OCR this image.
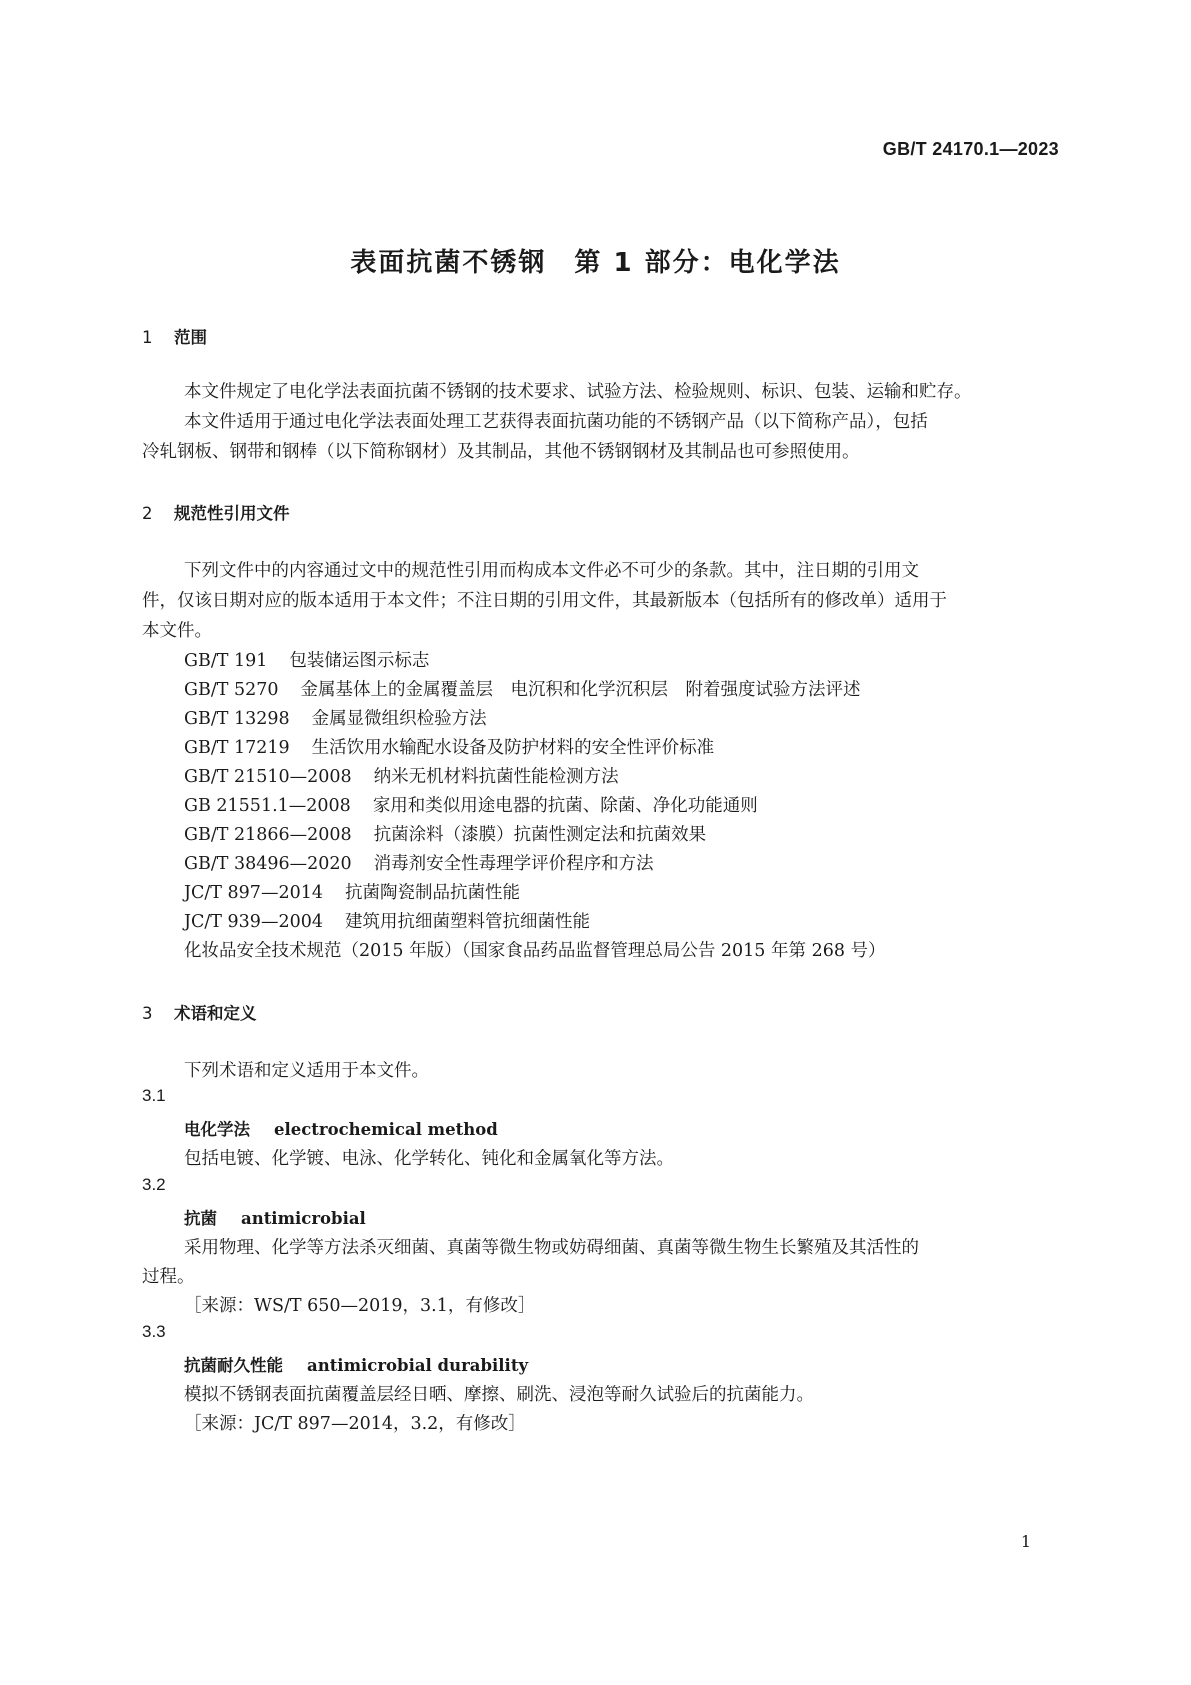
GB/T 24170.1—2023
表面抗菌不锈钢　第 1 部分：电化学法
1 范围
本文件规定了电化学法表面抗菌不锈钢的技术要求、试验方法、检验规则、标识、包装、运输和贮存。
本文件适用于通过电化学法表面处理工艺获得表面抗菌功能的不锈钢产品（以下简称产品），包括
冷轧钢板、钢带和钢棒（以下简称钢材）及其制品，其他不锈钢钢材及其制品也可参照使用。
2 规范性引用文件
下列文件中的内容通过文中的规范性引用而构成本文件必不可少的条款。其中，注日期的引用文
件，仅该日期对应的版本适用于本文件；不注日期的引用文件，其最新版本（包括所有的修改单）适用于
本文件。
GB/T 191 包装储运图示标志
GB/T 5270 金属基体上的金属覆盖层　电沉积和化学沉积层　附着强度试验方法评述
GB/T 13298 金属显微组织检验方法
GB/T 17219 生活饮用水输配水设备及防护材料的安全性评价标准
GB/T 21510—2008 纳米无机材料抗菌性能检测方法
GB 21551.1—2008 家用和类似用途电器的抗菌、除菌、净化功能通则
GB/T 21866—2008 抗菌涂料（漆膜）抗菌性测定法和抗菌效果
GB/T 38496—2020 消毒剂安全性毒理学评价程序和方法
JC/T 897—2014 抗菌陶瓷制品抗菌性能
JC/T 939—2004 建筑用抗细菌塑料管抗细菌性能
化妆品安全技术规范（2015 年版）（国家食品药品监督管理总局公告 2015 年第 268 号）
3 术语和定义
下列术语和定义适用于本文件。
3.1
电化学法 electrochemical method
包括电镀、化学镀、电泳、化学转化、钝化和金属氧化等方法。
3.2
抗菌 antimicrobial
采用物理、化学等方法杀灭细菌、真菌等微生物或妨碍细菌、真菌等微生物生长繁殖及其活性的
过程。
［来源：WS/T 650—2019，3.1，有修改］
3.3
抗菌耐久性能 antimicrobial durability
模拟不锈钢表面抗菌覆盖层经日晒、摩擦、刷洗、浸泡等耐久试验后的抗菌能力。
［来源：JC/T 897—2014，3.2，有修改］
1
